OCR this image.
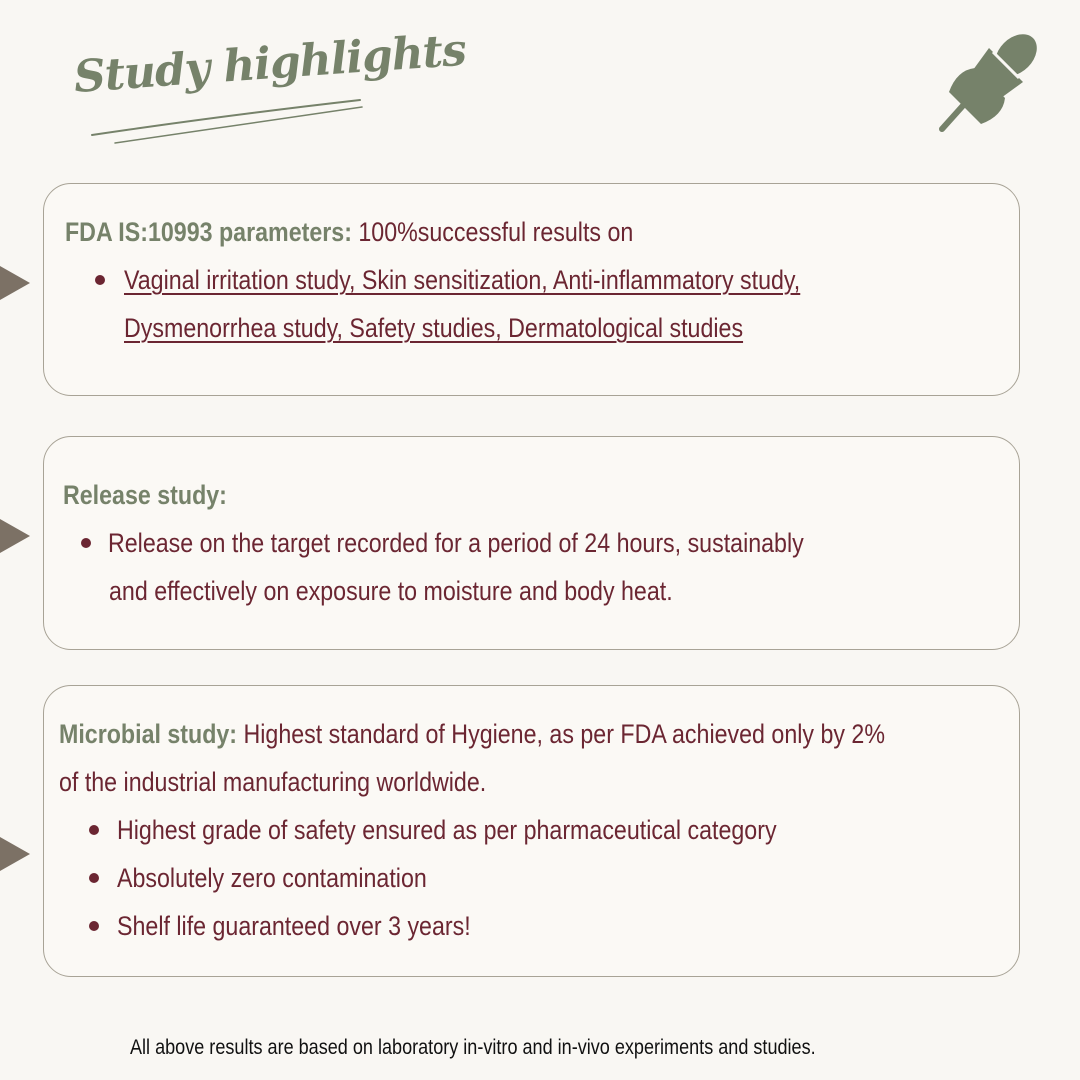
Study highlights
FDA IS:10993 parameters: 100%successful results on
Vaginal irritation study, Skin sensitization, Anti-inflammatory study,
Dysmenorrhea study, Safety studies, Dermatological studies
Release study:
Release on the target recorded for a period of 24 hours, sustainably
and effectively on exposure to moisture and body heat.
Microbial study: Highest standard of Hygiene, as per FDA achieved only by 2%
of the industrial manufacturing worldwide.
Highest grade of safety ensured as per pharmaceutical category
Absolutely zero contamination
Shelf life guaranteed over 3 years!
All above results are based on laboratory in-vitro and in-vivo experiments and studies.
